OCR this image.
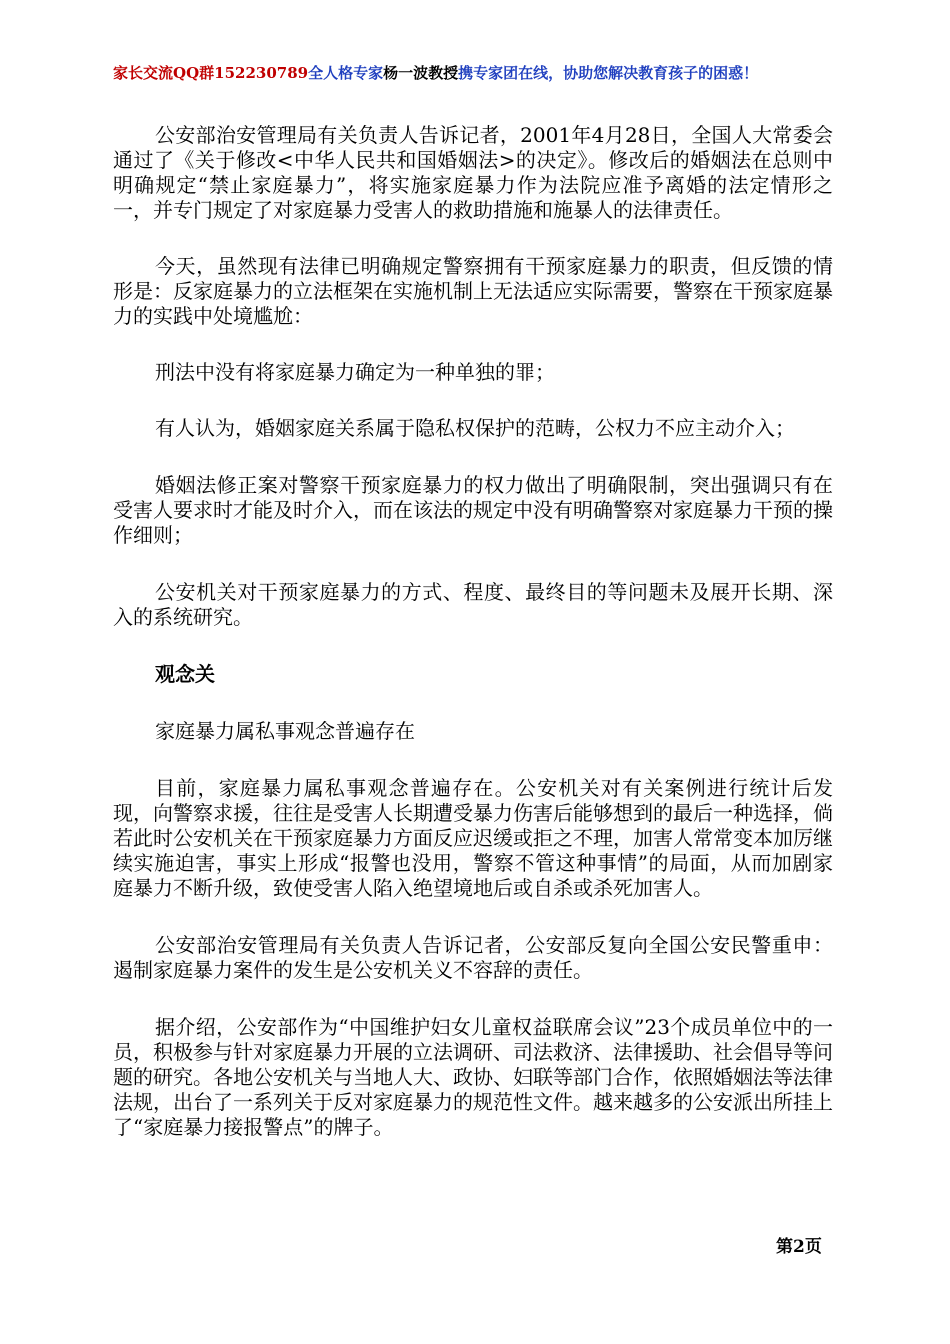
家长交流QQ群152230789全人格专家杨一波教授携专家团在线，协助您解决教育孩子的困惑！

公安部治安管理局有关负责人告诉记者，2001年4月28日，全国人大常委会通过了《关于修改<中华人民共和国婚姻法>的决定》。修改后的婚姻法在总则中明确规定“禁止家庭暴力”，将实施家庭暴力作为法院应准予离婚的法定情形之一，并专门规定了对家庭暴力受害人的救助措施和施暴人的法律责任。

今天，虽然现有法律已明确规定警察拥有干预家庭暴力的职责，但反馈的情形是：反家庭暴力的立法框架在实施机制上无法适应实际需要，警察在干预家庭暴力的实践中处境尴尬：

刑法中没有将家庭暴力确定为一种单独的罪；

有人认为，婚姻家庭关系属于隐私权保护的范畴，公权力不应主动介入；

婚姻法修正案对警察干预家庭暴力的权力做出了明确限制，突出强调只有在受害人要求时才能及时介入，而在该法的规定中没有明确警察对家庭暴力干预的操作细则；

公安机关对干预家庭暴力的方式、程度、最终目的等问题未及展开长期、深入的系统研究。

观念关

家庭暴力属私事观念普遍存在

目前，家庭暴力属私事观念普遍存在。公安机关对有关案例进行统计后发现，向警察求援，往往是受害人长期遭受暴力伤害后能够想到的最后一种选择，倘若此时公安机关在干预家庭暴力方面反应迟缓或拒之不理，加害人常常变本加厉继续实施迫害，事实上形成“报警也没用，警察不管这种事情”的局面，从而加剧家庭暴力不断升级，致使受害人陷入绝望境地后或自杀或杀死加害人。

公安部治安管理局有关负责人告诉记者，公安部反复向全国公安民警重申：遏制家庭暴力案件的发生是公安机关义不容辞的责任。

据介绍，公安部作为“中国维护妇女儿童权益联席会议”23个成员单位中的一员，积极参与针对家庭暴力开展的立法调研、司法救济、法律援助、社会倡导等问题的研究。各地公安机关与当地人大、政协、妇联等部门合作，依照婚姻法等法律法规，出台了一系列关于反对家庭暴力的规范性文件。越来越多的公安派出所挂上了“家庭暴力接报警点”的牌子。

第2页
